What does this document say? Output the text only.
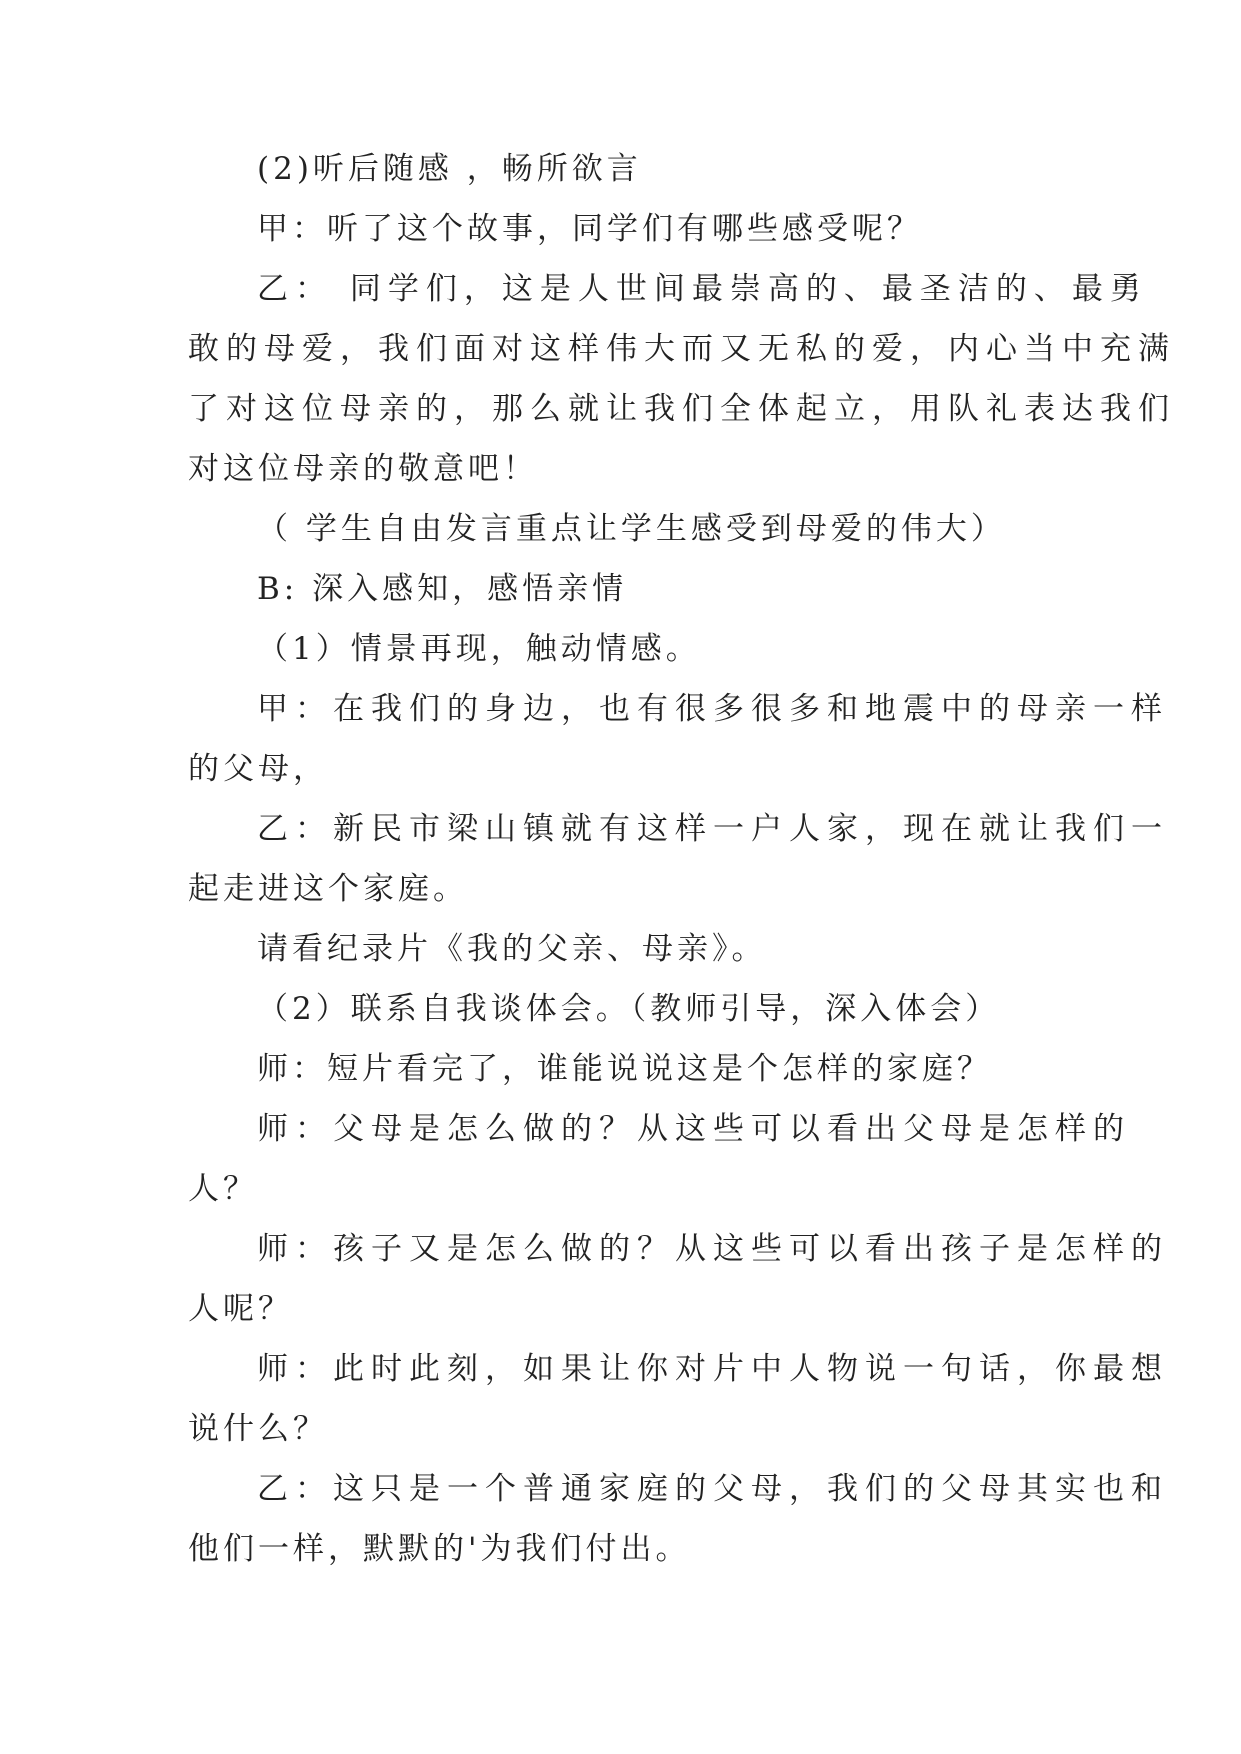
(2)听后随感 ，畅所欲言
甲：听了这个故事，同学们有哪些感受呢？
乙： 同学们，这是人世间最崇高的、最圣洁的、最勇
敢的母爱，我们面对这样伟大而又无私的爱，内心当中充满
了对这位母亲的，那么就让我们全体起立，用队礼表达我们
对这位母亲的敬意吧！
（ 学生自由发言重点让学生感受到母爱的伟大）
B: 深入感知，感悟亲情
（1）情景再现，触动情感。
甲：在我们的身边，也有很多很多和地震中的母亲一样
的父母，
乙：新民市梁山镇就有这样一户人家，现在就让我们一
起走进这个家庭。
请看纪录片《我的父亲、母亲》。
（2）联系自我谈体会。（教师引导，深入体会）
师：短片看完了，谁能说说这是个怎样的家庭？
师：父母是怎么做的？从这些可以看出父母是怎样的
人？
师：孩子又是怎么做的？从这些可以看出孩子是怎样的
人呢？
师：此时此刻，如果让你对片中人物说一句话，你最想
说什么？
乙：这只是一个普通家庭的父母，我们的父母其实也和
他们一样，默默的'为我们付出。
